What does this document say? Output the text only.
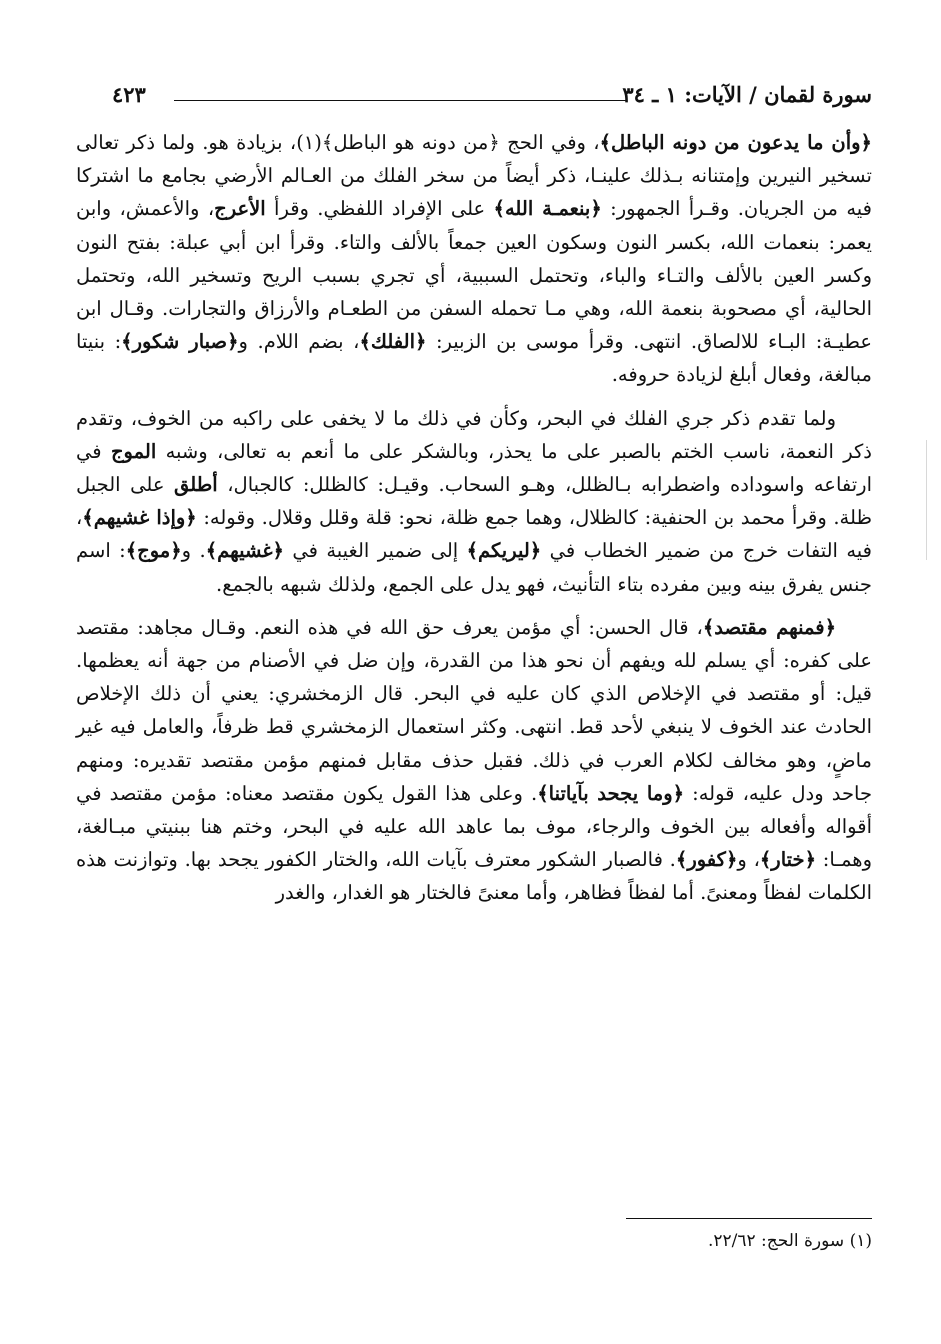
سورة لقمان / الآيات: ١ ـ ٣٤
٤٢٣

﴿وأن ما يدعون من دونه الباطل﴾، وفي الحج ﴿من دونه هو الباطل﴾(١)، بزيادة هو. ولما ذكر تعالى تسخير النيرين وإمتنانه بـذلك علينـا، ذكر أيضاً من سخر الفلك من العـالم الأرضي بجامع ما اشتركا فيه من الجريان. وقـرأ الجمهور: ﴿بنعمـة الله﴾ على الإفراد اللفظي. وقرأ الأعرج، والأعمش، وابن يعمر: بنعمات الله، بكسر النون وسكون العين جمعاً بالألف والتاء. وقرأ ابن أبي عبلة: بفتح النون وكسر العين بالألف والتـاء والباء، وتحتمل السببية، أي تجري بسبب الريح وتسخير الله، وتحتمل الحالية، أي مصحوبة بنعمة الله، وهي مـا تحمله السفن من الطعـام والأرزاق والتجارات. وقـال ابن عطيـة: البـاء للالصاق. انتهى. وقرأ موسى بن الزبير: ﴿الفلك﴾، بضم اللام. و﴿صبار شكور﴾: بنيتا مبالغة، وفعال أبلغ لزيادة حروفه.

ولما تقدم ذكر جري الفلك في البحر، وكأن في ذلك ما لا يخفى على راكبه من الخوف، وتقدم ذكر النعمة، ناسب الختم بالصبر على ما يحذر، وبالشكر على ما أنعم به تعالى، وشبه الموج في ارتفاعه واسوداده واضطرابه بـالظلل، وهـو السحاب. وقيـل: كالظلل: كالجبال، أطلق على الجبل ظلة. وقرأ محمد بن الحنفية: كالظلال، وهما جمع ظلة، نحو: قلة وقلل وقلال. وقوله: ﴿وإذا غشيهم﴾، فيه التفات خرج من ضمير الخطاب في ﴿ليريكم﴾ إلى ضمير الغيبة في ﴿غشيهم﴾. و﴿موج﴾: اسم جنس يفرق بينه وبين مفرده بتاء التأنيث، فهو يدل على الجمع، ولذلك شبهه بالجمع.

﴿فمنهم مقتصد﴾، قال الحسن: أي مؤمن يعرف حق الله في هذه النعم. وقـال مجاهد: مقتصد على كفره: أي يسلم لله ويفهم أن نحو هذا من القدرة، وإن ضل في الأصنام من جهة أنه يعظمها. قيل: أو مقتصد في الإخلاص الذي كان عليه في البحر. قال الزمخشري: يعني أن ذلك الإخلاص الحادث عند الخوف لا ينبغي لأحد قط. انتهى. وكثر استعمال الزمخشري قط ظرفاً، والعامل فيه غير ماضٍ، وهو مخالف لكلام العرب في ذلك. فقبل حذف مقابل فمنهم مؤمن مقتصد تقديره: ومنهم جاحد ودل عليه، قوله: ﴿وما يجحد بآياتنا﴾. وعلى هذا القول يكون مقتصد معناه: مؤمن مقتصد في أقواله وأفعاله بين الخوف والرجاء، موف بما عاهد الله عليه في البحر، وختم هنا ببنيتي مبـالغة، وهمـا: ﴿ختار﴾، و﴿كفور﴾. فالصبار الشكور معترف بآيات الله، والختار الكفور يجحد بها. وتوازنت هذه الكلمات لفظاً ومعنىً. أما لفظاً فظاهر، وأما معنىً فالختار هو الغدار، والغدر

(١) سورة الحج: ٢٢/٦٢.
